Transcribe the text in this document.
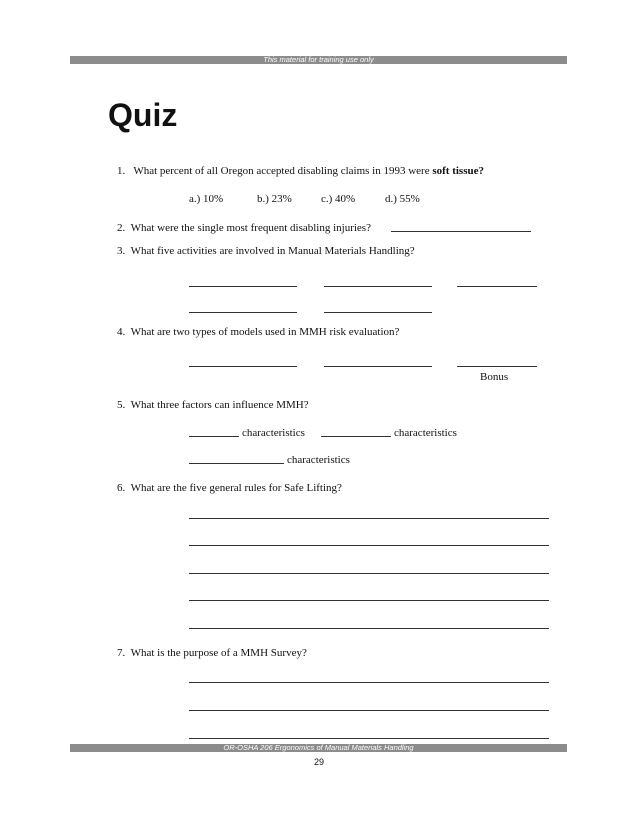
This material for training use only
Quiz
1. What percent of all Oregon accepted disabling claims in 1993 were soft tissue?
a.) 10%	b.) 23%	c.) 40%	d.) 55%
2. What were the single most frequent disabling injuries?
3. What five activities are involved in Manual Materials Handling?
4. What are two types of models used in MMH risk evaluation?
Bonus
5. What three factors can influence MMH?
characteristics	characteristics
characteristics
6. What are the five general rules for Safe Lifting?
7. What is the purpose of a MMH Survey?
OR-OSHA 206 Ergonomics of Manual Materials Handling
29
